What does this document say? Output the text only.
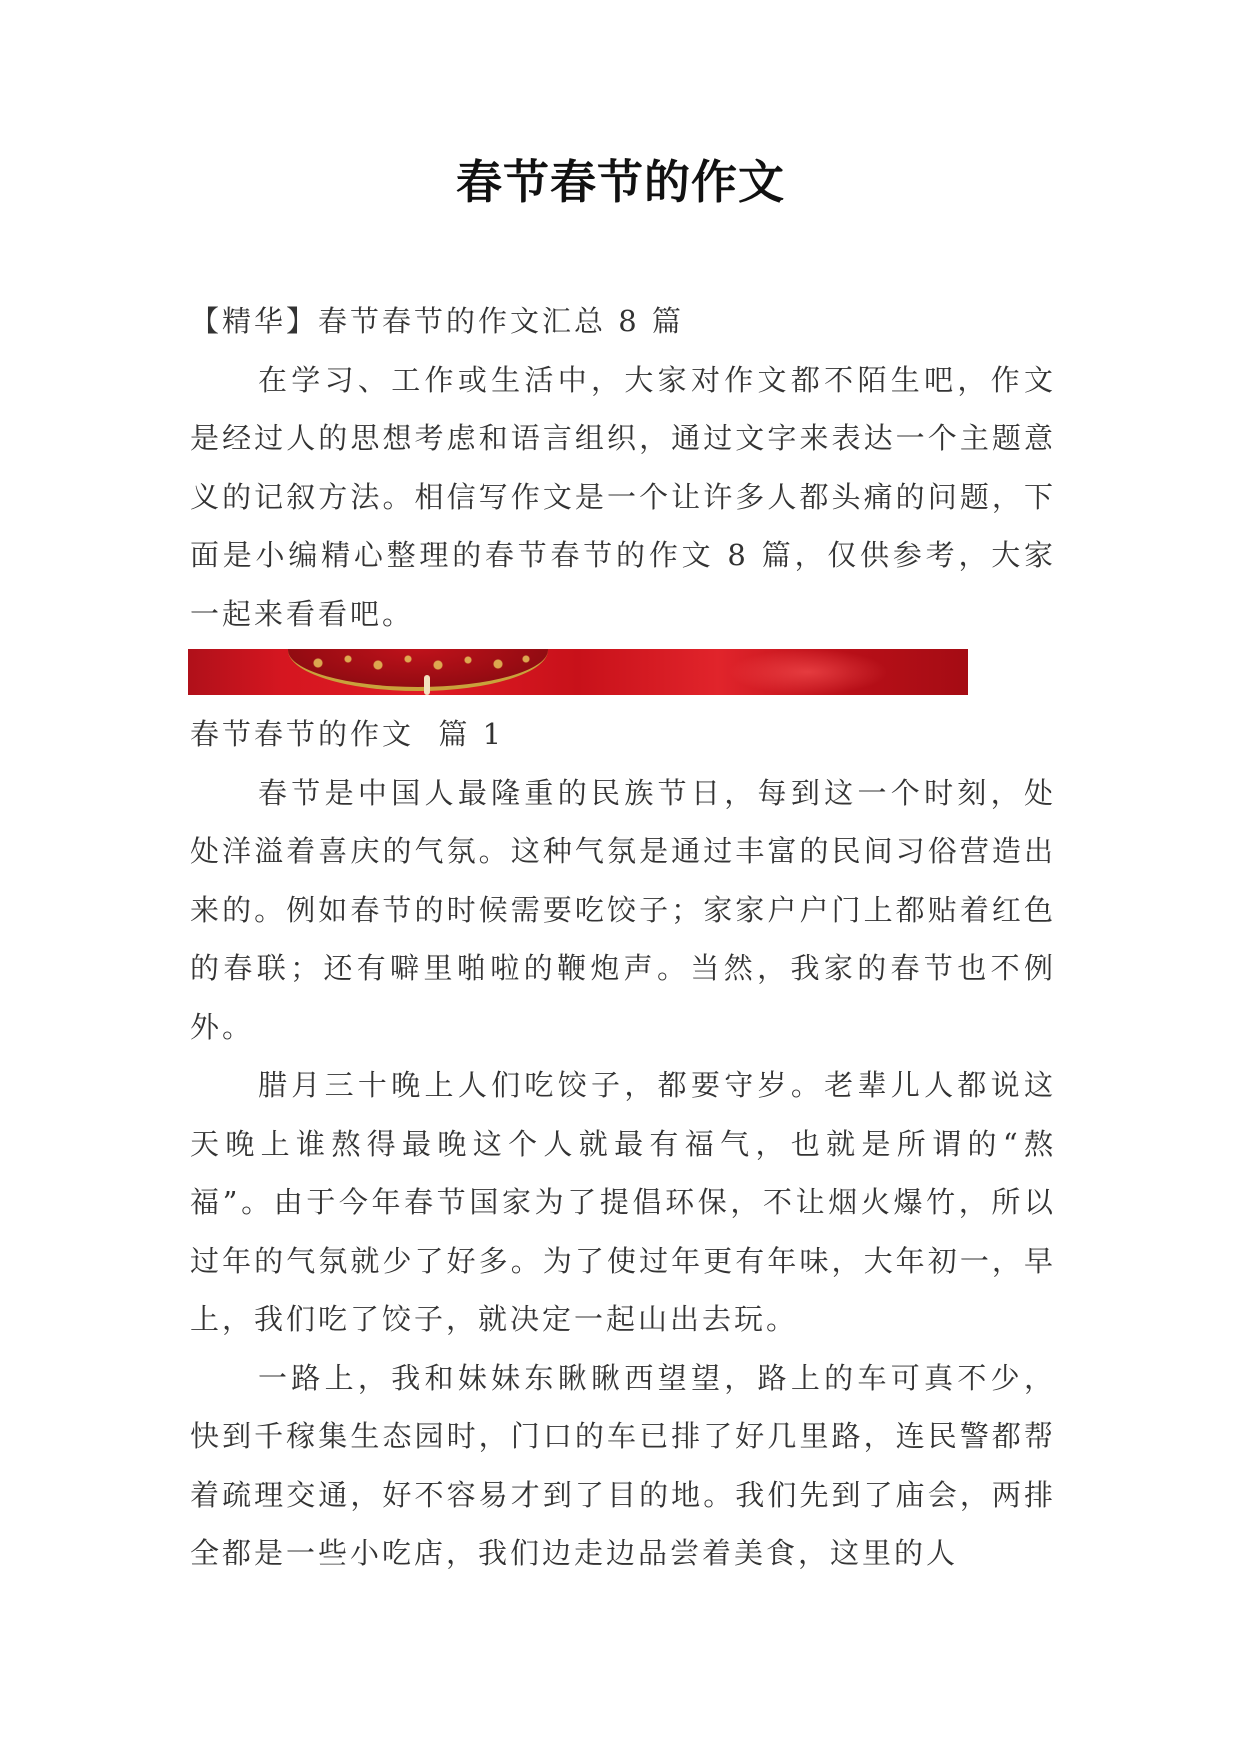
春节春节的作文

【精华】春节春节的作文汇总 8 篇

在学习、工作或生活中，大家对作文都不陌生吧，作文是经过人的思想考虑和语言组织，通过文字来表达一个主题意义的记叙方法。相信写作文是一个让许多人都头痛的问题，下面是小编精心整理的春节春节的作文 8 篇，仅供参考，大家一起来看看吧。

春节春节的作文  篇 1

春节是中国人最隆重的民族节日，每到这一个时刻，处处洋溢着喜庆的气氛。这种气氛是通过丰富的民间习俗营造出来的。例如春节的时候需要吃饺子；家家户户门上都贴着红色的春联；还有噼里啪啦的鞭炮声。当然，我家的春节也不例外。

腊月三十晚上人们吃饺子，都要守岁。老辈儿人都说这天晚上谁熬得最晚这个人就最有福气，也就是所谓的“熬福”。由于今年春节国家为了提倡环保，不让烟火爆竹，所以过年的气氛就少了好多。为了使过年更有年味，大年初一，早上，我们吃了饺子，就决定一起山出去玩。

一路上，我和妹妹东瞅瞅西望望，路上的车可真不少，快到千稼集生态园时，门口的车已排了好几里路，连民警都帮着疏理交通，好不容易才到了目的地。我们先到了庙会，两排全都是一些小吃店，我们边走边品尝着美食，这里的人
